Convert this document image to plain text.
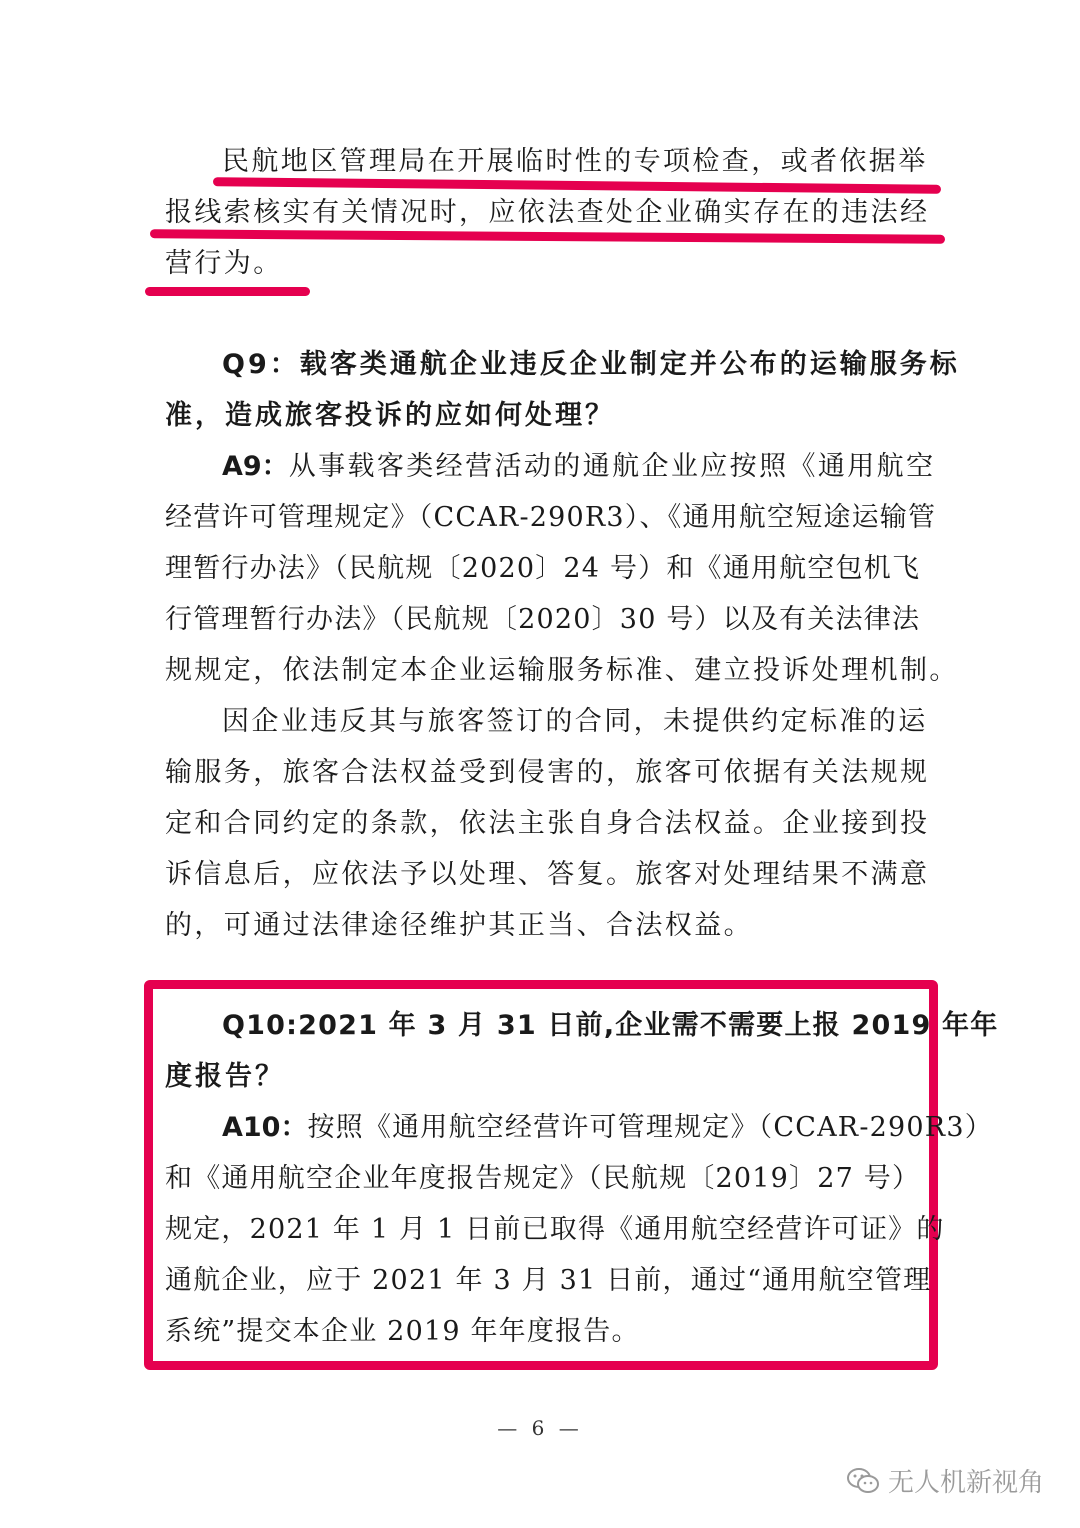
民航地区管理局在开展临时性的专项检查，或者依据举
报线索核实有关情况时，应依法查处企业确实存在的违法经
营行为。
Q9：载客类通航企业违反企业制定并公布的运输服务标
准，造成旅客投诉的应如何处理？
A9：从事载客类经营活动的通航企业应按照《通用航空
经营许可管理规定》（CCAR-290R3）、《通用航空短途运输管
理暂行办法》（民航规〔2020〕24 号）和《通用航空包机飞
行管理暂行办法》（民航规〔2020〕30 号）以及有关法律法
规规定，依法制定本企业运输服务标准、建立投诉处理机制。
因企业违反其与旅客签订的合同，未提供约定标准的运
输服务，旅客合法权益受到侵害的，旅客可依据有关法规规
定和合同约定的条款，依法主张自身合法权益。企业接到投
诉信息后，应依法予以处理、答复。旅客对处理结果不满意
的，可通过法律途径维护其正当、合法权益。
Q10:2021 年 3 月 31 日前,企业需不需要上报 2019 年年
度报告？
A10：按照《通用航空经营许可管理规定》（CCAR-290R3）
和《通用航空企业年度报告规定》（民航规〔2019〕27 号）
规定，2021 年 1 月 1 日前已取得《通用航空经营许可证》的
通航企业，应于 2021 年 3 月 31 日前，通过“通用航空管理
系统”提交本企业 2019 年年度报告。
— 6 —
无人机新视角
